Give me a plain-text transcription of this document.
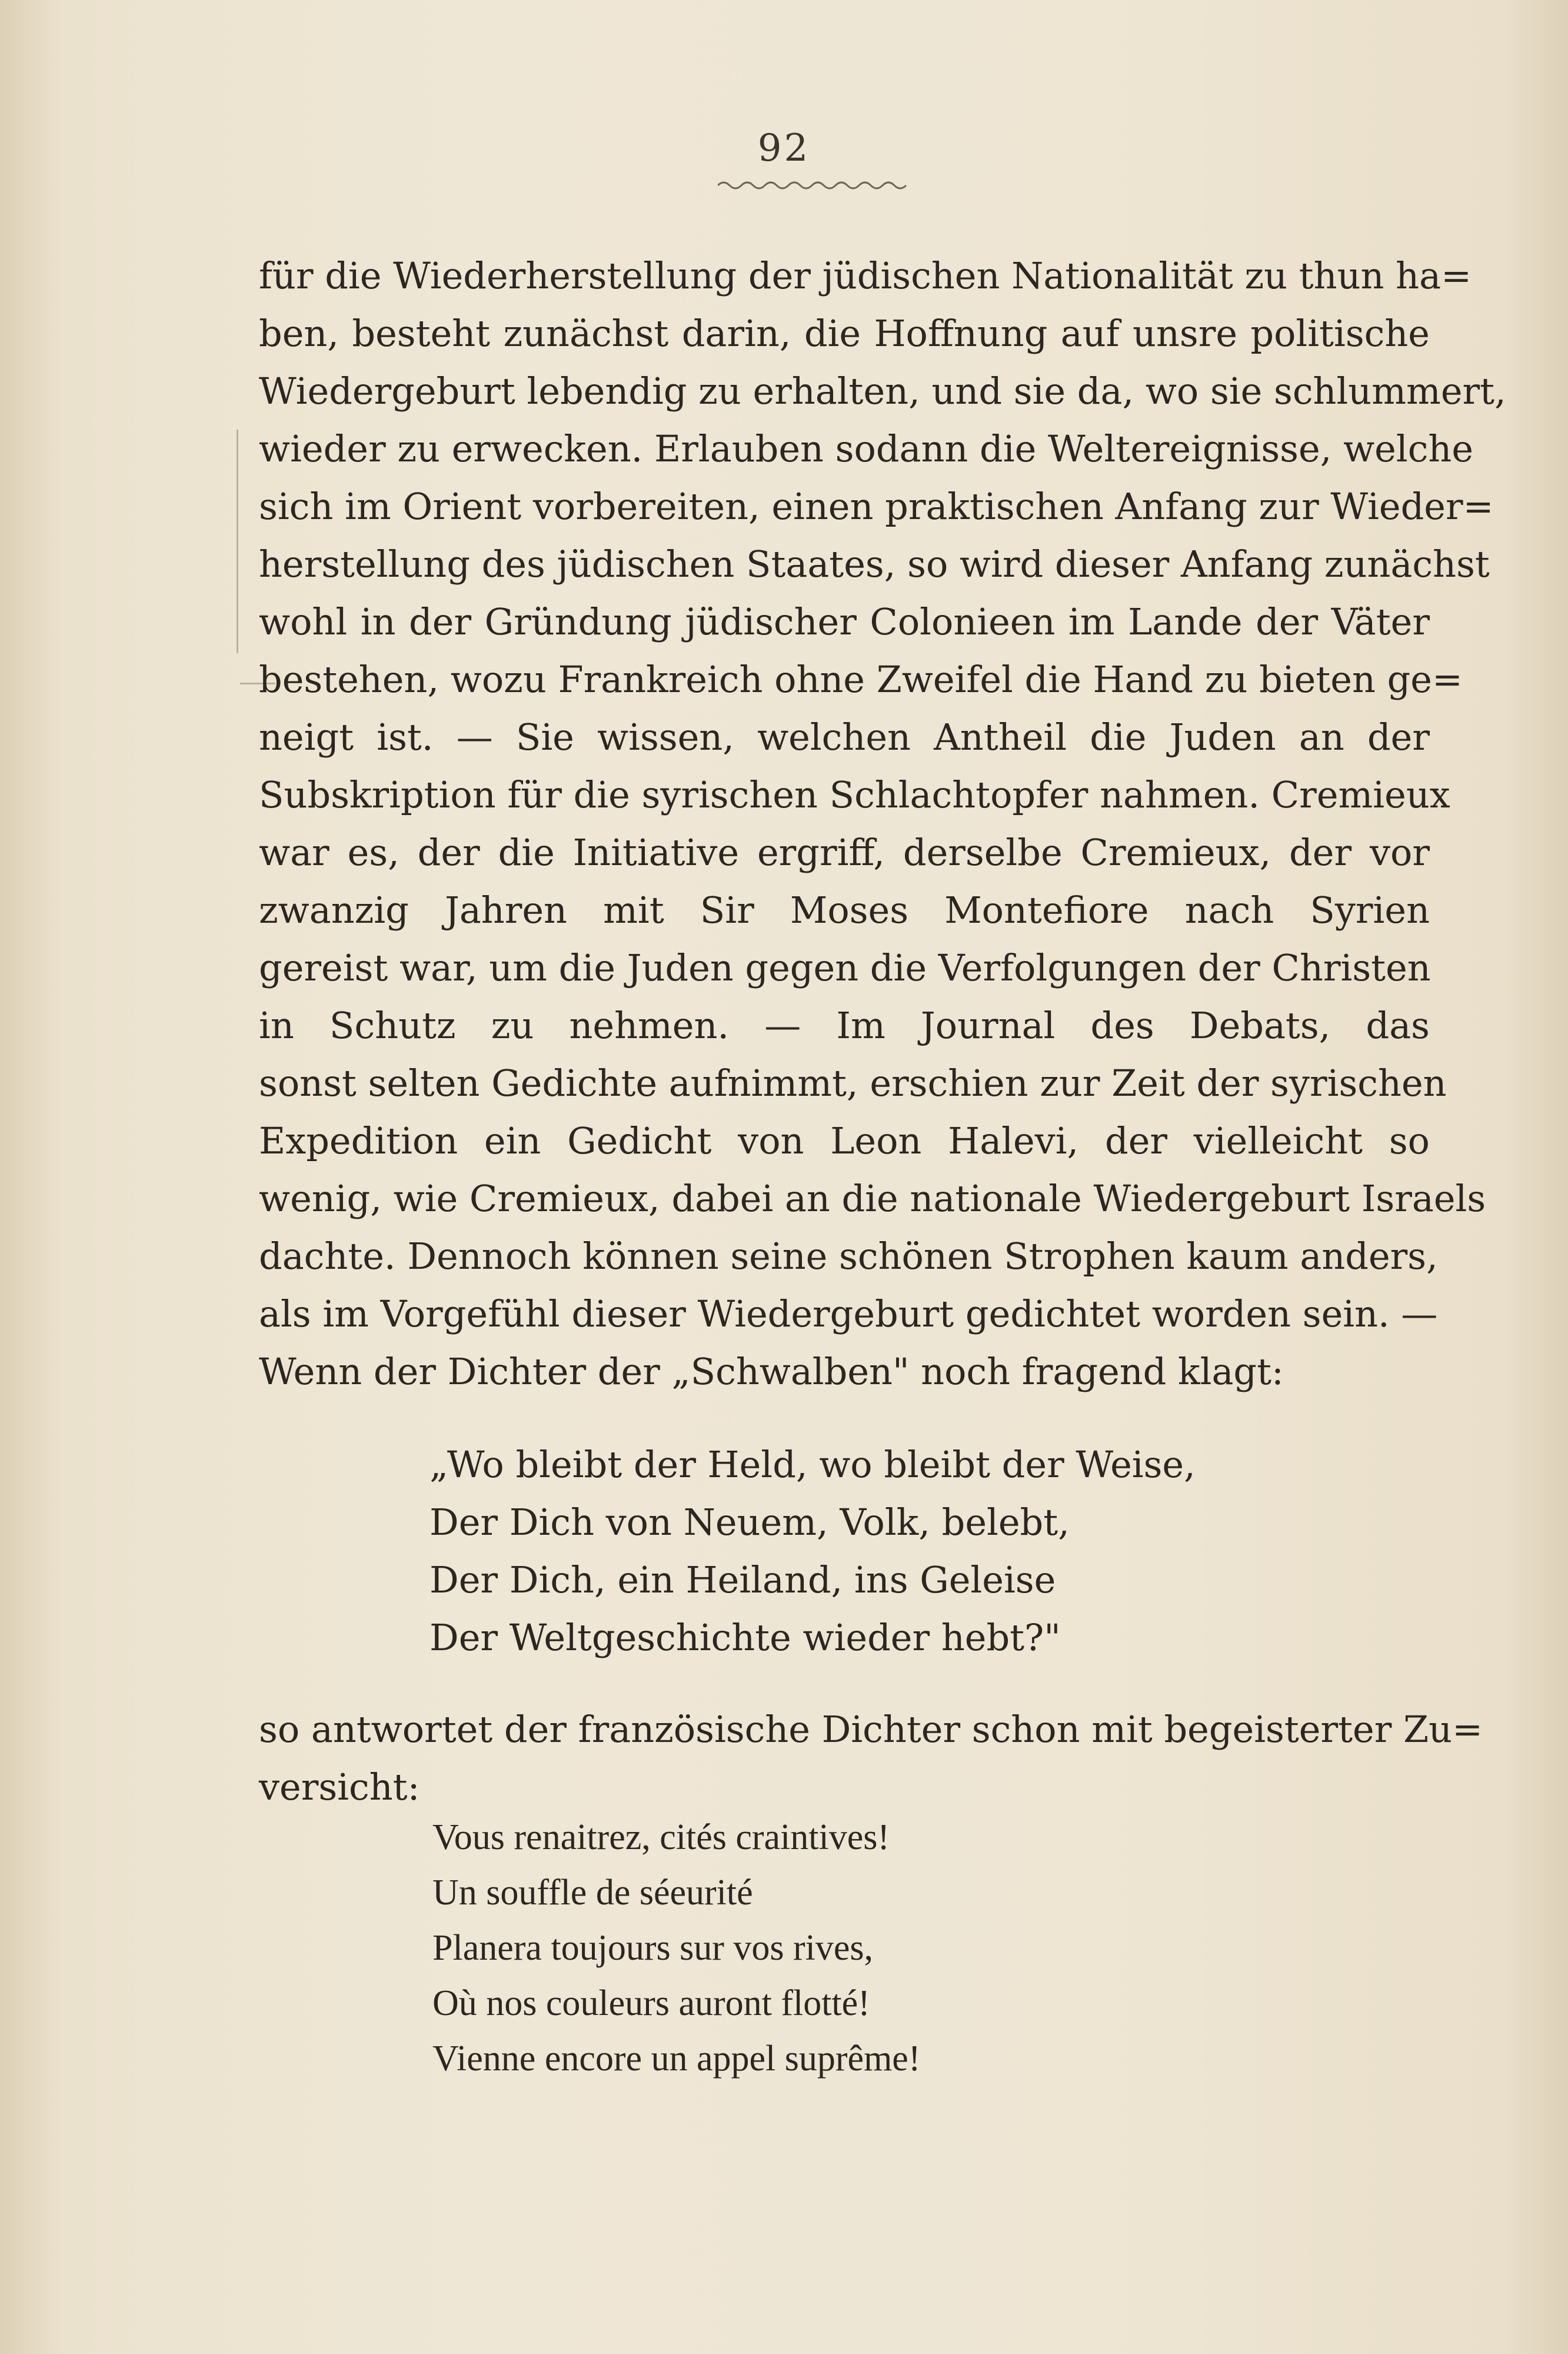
92
für die Wiederherstellung der jüdischen Nationalität zu thun ha=
ben, besteht zunächst darin, die Hoffnung auf unsre politische
Wiedergeburt lebendig zu erhalten, und sie da, wo sie schlummert,
wieder zu erwecken. Erlauben sodann die Weltereignisse, welche
sich im Orient vorbereiten, einen praktischen Anfang zur Wieder=
herstellung des jüdischen Staates, so wird dieser Anfang zunächst
wohl in der Gründung jüdischer Colonieen im Lande der Väter
bestehen, wozu Frankreich ohne Zweifel die Hand zu bieten ge=
neigt ist. — Sie wissen, welchen Antheil die Juden an der
Subskription für die syrischen Schlachtopfer nahmen. Cremieux
war es, der die Initiative ergriff, derselbe Cremieux, der vor
zwanzig Jahren mit Sir Moses Montefiore nach Syrien
gereist war, um die Juden gegen die Verfolgungen der Christen
in Schutz zu nehmen. — Im Journal des Debats, das
sonst selten Gedichte aufnimmt, erschien zur Zeit der syrischen
Expedition ein Gedicht von Leon Halevi, der vielleicht so
wenig, wie Cremieux, dabei an die nationale Wiedergeburt Israels
dachte. Dennoch können seine schönen Strophen kaum anders,
als im Vorgefühl dieser Wiedergeburt gedichtet worden sein. —
Wenn der Dichter der „Schwalben" noch fragend klagt:
„Wo bleibt der Held, wo bleibt der Weise,
Der Dich von Neuem, Volk, belebt,
Der Dich, ein Heiland, ins Geleise
Der Weltgeschichte wieder hebt?"
so antwortet der französische Dichter schon mit begeisterter Zu=
versicht:
Vous renaitrez, cités craintives!
Un souffle de séeurité
Planera toujours sur vos rives,
Où nos couleurs auront flotté!
Vienne encore un appel suprême!
